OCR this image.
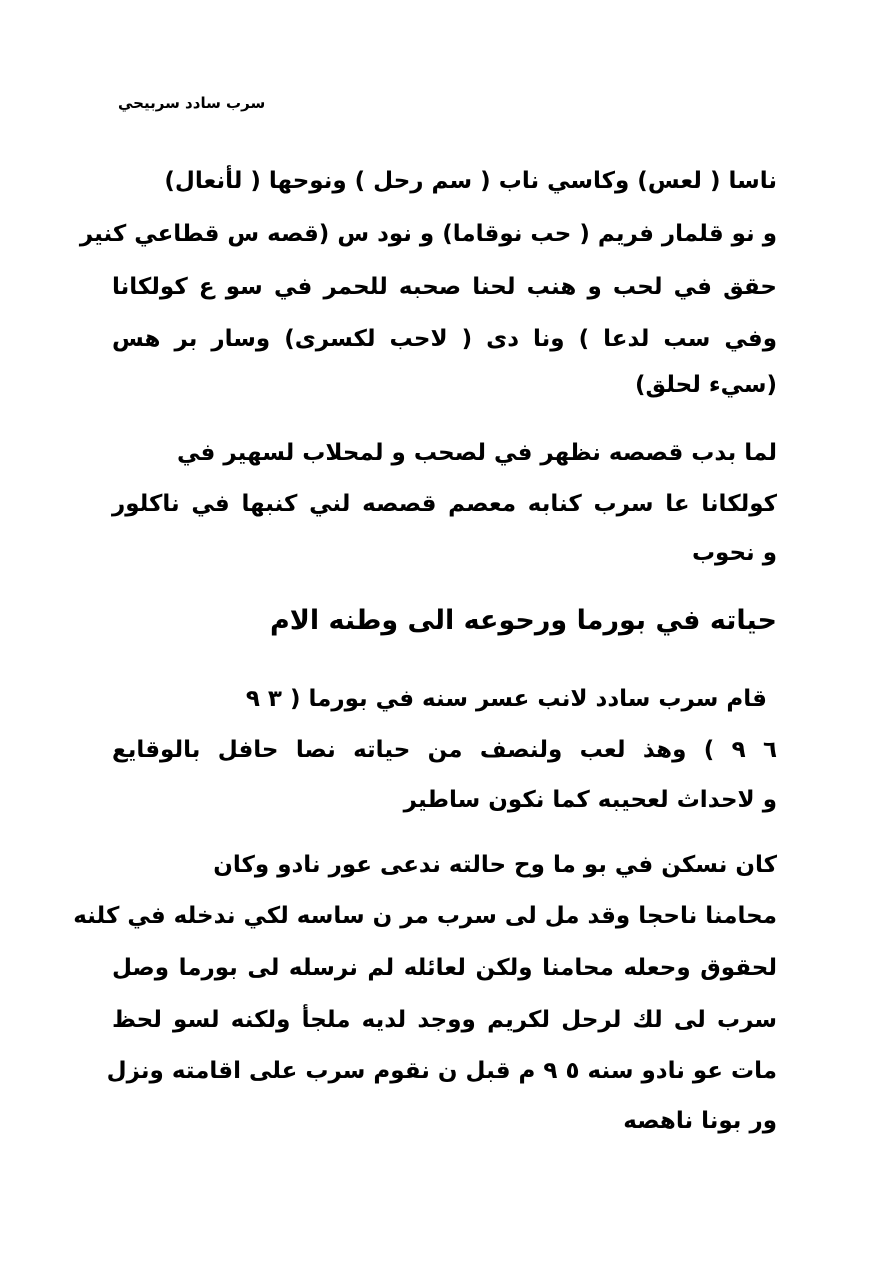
سرب سادد سربيحي
ناسا ( لعس) وكاسي ناب ( سم رحل ) ونوحها ( لأنعال)
و نو قلمار فريم ( حب نوقاما) و نود س (قصه س قطاعي كنير
حقق في لحب و هنب لحنا صحبه للحمر في سو ع كولكانا
وفي سب لدعا ) ونا دى ( لاحب لكسرى) وسار بر هس
(سيء لحلق)
لما بدب قصصه نظهر في لصحب و لمحلاب لسهير في
كولكانا عا سرب كنابه معصم قصصه لني كنبها في ناكلور
و نحوب
حياته في بورما ورحوعه الى وطنه الام
قام سرب سادد لانب عسر سنه في بورما ( ٣ ٩
٦ ٩ ) وهذ لعب ولنصف من حياته نصا حافل بالوقايع
و لاحداث لعحيبه كما نكون ساطير
كان نسكن في بو ما وح حالته ندعى عور نادو وكان
محامنا ناحجا وقد مل لى سرب مر ن ساسه لكي ندخله في كلنه
لحقوق وحعله محامنا ولكن لعائله لم نرسله لى بورما وصل
سرب لى لك لرحل لكريم ووجد لديه ملجأ ولكنه لسو لحظ
مات عو نادو سنه ٥ ٩ م قبل ن نقوم سرب على اقامته ونزل
ور بونا ناهصه
